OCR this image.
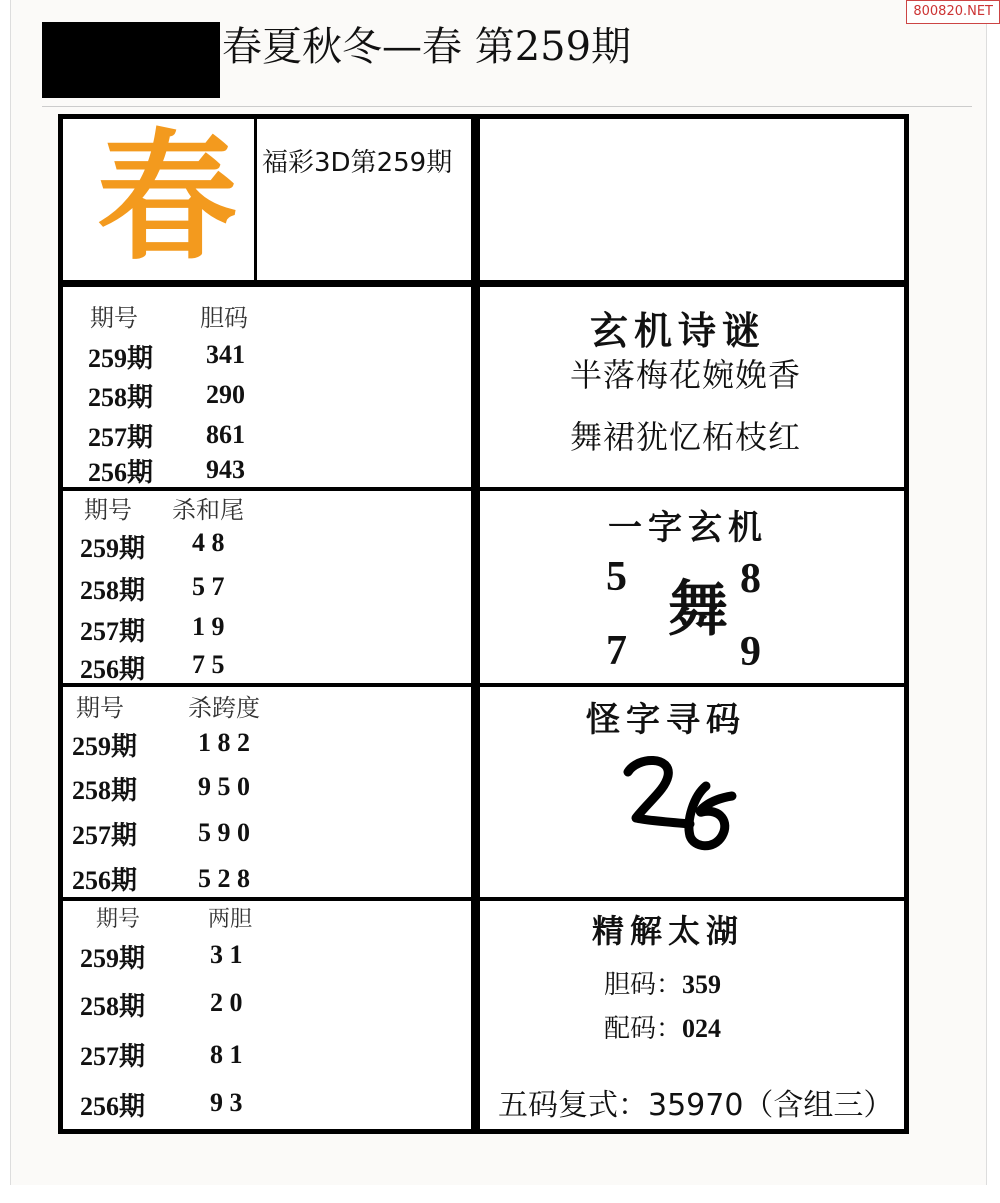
800820.NET
春夏秋冬—春 第259期
春 福彩3D第259期
期号	胆码
259期 341
258期 290
257期 861
256期 943
期号 杀和尾
259期 4 8
258期 5 7
257期 1 9
256期 7 5
期号	杀跨度
259期 1 8 2
258期 9 5 0
257期 5 9 0
256期 5 2 8
期号	两胆
259期 3 1
258期 2 0
257期 8 1
256期 9 3
玄机诗谜
半落梅花婉娩香
舞裙犹忆柘枝红
一字玄机
5	8
舞
7	9
怪字寻码
精解太湖
胆码：359
配码：024
五码复式：35970（含组三）
